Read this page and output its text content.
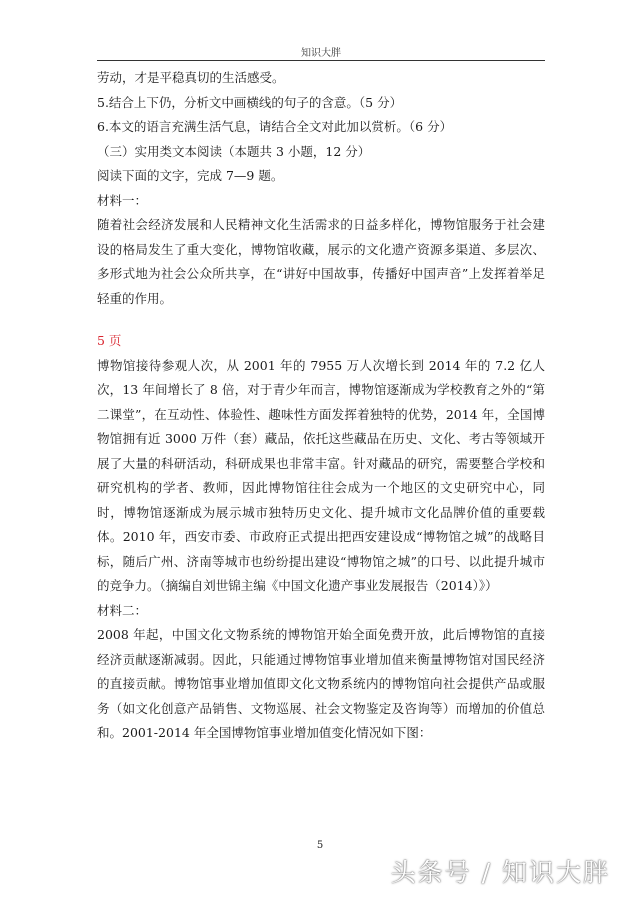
知识大胖

劳动，才是平稳真切的生活感受。

5.结合上下仍，分析文中画横线的句子的含意。（5 分）

6.本文的语言充满生活气息，请结合全文对此加以赏析。（6 分）

（三）实用类文本阅读（本题共 3 小题，12 分）

阅读下面的文字，完成 7—9 题。

材料一：

随着社会经济发展和人民精神文化生活需求的日益多样化，博物馆服务于社会建设的格局发生了重大变化，博物馆收藏，展示的文化遗产资源多渠道、多层次、多形式地为社会公众所共享，在“讲好中国故事，传播好中国声音”上发挥着举足轻重的作用。

5 页

博物馆接待参观人次，从 2001 年的 7955 万人次增长到 2014 年的 7.2 亿人次，13 年间增长了 8 倍，对于青少年而言，博物馆逐渐成为学校教育之外的“第二课堂”，在互动性、体验性、趣味性方面发挥着独特的优势，2014 年，全国博物馆拥有近 3000 万件（套）藏品，依托这些藏品在历史、文化、考古等领域开展了大量的科研活动，科研成果也非常丰富。针对藏品的研究，需要整合学校和研究机构的学者、教师，因此博物馆往往会成为一个地区的文史研究中心，同时，博物馆逐渐成为展示城市独特历史文化、提升城市文化品牌价值的重要载体。2010 年，西安市委、市政府正式提出把西安建设成“博物馆之城”的战略目标，随后广州、济南等城市也纷纷提出建设“博物馆之城”的口号、以此提升城市的竞争力。（摘编自刘世锦主编《中国文化遗产事业发展报告（2014）》）

材料二：

2008 年起，中国文化文物系统的博物馆开始全面免费开放，此后博物馆的直接经济贡献逐渐减弱。因此，只能通过博物馆事业增加值来衡量博物馆对国民经济的直接贡献。博物馆事业增加值即文化文物系统内的博物馆向社会提供产品或服务（如文化创意产品销售、文物巡展、社会文物鉴定及咨询等）而增加的价值总和。2001-2014 年全国博物馆事业增加值变化情况如下图：

5
头条号 / 知识大胖
